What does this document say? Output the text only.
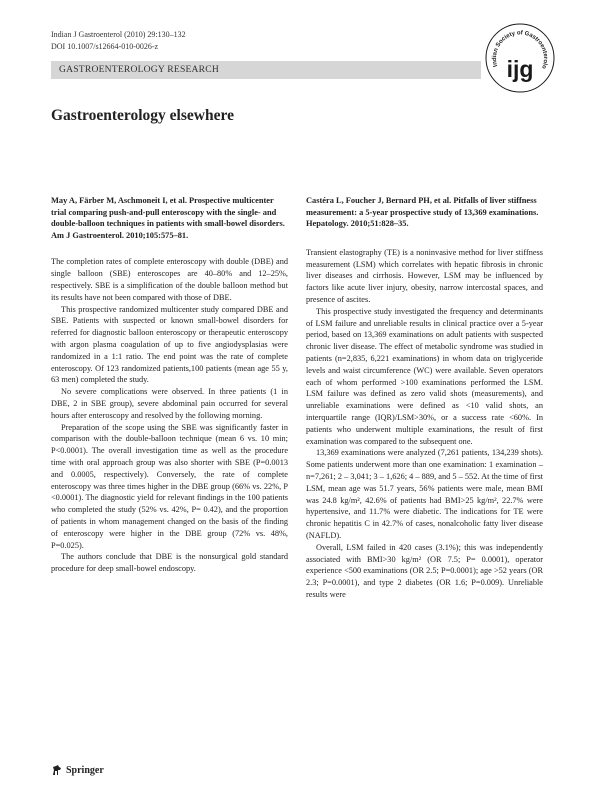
Indian J Gastroenterol (2010) 29:130–132
DOI 10.1007/s12664-010-0026-z
GASTROENTEROLOGY RESEARCH	Indian Society of Gastroenterolo
ijg
Gastroenterology elsewhere
May A, Färber M, Aschmoneit I, et al. Prospective multicenter trial comparing push-and-pull enteroscopy with the single- and double-balloon techniques in patients with small-bowel disorders. Am J Gastroenterol. 2010;105:575–81.

The completion rates of complete enteroscopy with double (DBE) and single balloon (SBE) enteroscopes are 40–80% and 12–25%, respectively. SBE is a simplification of the double balloon method but its results have not been compared with those of DBE.

This prospective randomized multicenter study compared DBE and SBE. Patients with suspected or known small-bowel disorders for referred for diagnostic balloon enteroscopy or therapeutic enteroscopy with argon plasma coagulation of up to five angiodysplasias were randomized in a 1:1 ratio. The end point was the rate of complete enteroscopy. Of 123 randomized patients,100 patients (mean age 55 y, 63 men) completed the study.

No severe complications were observed. In three patients (1 in DBE, 2 in SBE group), severe abdominal pain occurred for several hours after enteroscopy and resolved by the following morning.

Preparation of the scope using the SBE was significantly faster in comparison with the double-balloon technique (mean 6 vs. 10 min; P<0.0001). The overall investigation time as well as the procedure time with oral approach group was also shorter with SBE (P=0.0013 and 0.0005, respectively). Conversely, the rate of complete enteroscopy was three times higher in the DBE group (66% vs. 22%, P <0.0001). The diagnostic yield for relevant findings in the 100 patients who completed the study (52% vs. 42%, P= 0.42), and the proportion of patients in whom management changed on the basis of the finding of enteroscopy were higher in the DBE group (72% vs. 48%, P=0.025).

The authors conclude that DBE is the nonsurgical gold standard procedure for deep small-bowel endoscopy.

Castéra L, Foucher J, Bernard PH, et al. Pitfalls of liver stiffness measurement: a 5-year prospective study of 13,369 examinations. Hepatology. 2010;51:828–35.

Transient elastography (TE) is a noninvasive method for liver stiffness measurement (LSM) which correlates with hepatic fibrosis in chronic liver diseases and cirrhosis. However, LSM may be influenced by factors like acute liver injury, obesity, narrow intercostal spaces, and presence of ascites.

This prospective study investigated the frequency and determinants of LSM failure and unreliable results in clinical practice over a 5-year period, based on 13,369 examinations on adult patients with suspected chronic liver disease. The effect of metabolic syndrome was studied in patients (n=2,835, 6,221 examinations) in whom data on triglyceride levels and waist circumference (WC) were available. Seven operators each of whom performed >100 examinations performed the LSM. LSM failure was defined as zero valid shots (measurements), and unreliable examinations were defined as <10 valid shots, an interquartile range (IQR)/LSM>30%, or a success rate <60%. In patients who underwent multiple examinations, the result of first examination was compared to the subsequent one.

13,369 examinations were analyzed (7,261 patients, 134,239 shots). Some patients underwent more than one examination: 1 examination – n=7,261; 2 – 3,041; 3 – 1,626; 4 – 889, and 5 – 552. At the time of first LSM, mean age was 51.7 years, 56% patients were male, mean BMI was 24.8 kg/m², 42.6% of patients had BMI>25 kg/m², 22.7% were hypertensive, and 11.7% were diabetic. The indications for TE were chronic hepatitis C in 42.7% of cases, nonalcoholic fatty liver disease (NAFLD).

Overall, LSM failed in 420 cases (3.1%); this was independently associated with BMI>30 kg/m² (OR 7.5; P= 0.0001), operator experience <500 examinations (OR 2.5; P=0.0001); age >52 years (OR 2.3; P=0.0001), and type 2 diabetes (OR 1.6; P=0.009). Unreliable results were

Springer
